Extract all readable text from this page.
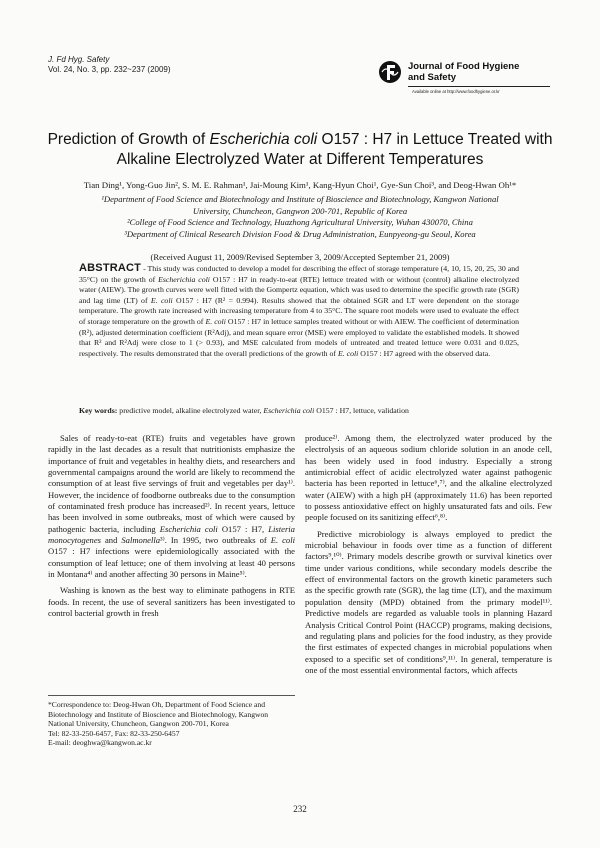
J. Fd Hyg. Safety
Vol. 24, No. 3, pp. 232~237 (2009)	Journal of Food Hygiene
and Safety
Available online at http://www.foodhygiene.or.kr
Prediction of Growth of Escherichia coli O157 : H7 in Lettuce Treated with
Alkaline Electrolyzed Water at Different Temperatures
Tian Ding¹, Yong-Guo Jin², S. M. E. Rahman¹, Jai-Moung Kim¹, Kang-Hyun Choi¹, Gye-Sun Choi³, and Deog-Hwan Oh¹*
¹Department of Food Science and Biotechnology and Institute of Bioscience and Biotechnology, Kangwon National
University, Chuncheon, Gangwon 200-701, Republic of Korea
²College of Food Science and Technology, Huazhong Agricultural University, Wuhan 430070, China
³Department of Clinical Research Division Food & Drug Administration, Eunpyeong-gu Seoul, Korea
(Received August 11, 2009/Revised September 3, 2009/Accepted September 21, 2009)
ABSTRACT - This study was conducted to develop a model for describing the effect of storage temperature (4, 10, 15, 20, 25, 30 and 35°C) on the growth of Escherichia coli O157 : H7 in ready-to-eat (RTE) lettuce treated with or without (control) alkaline electrolyzed water (AIEW). The growth curves were well fitted with the Gompertz equation, which was used to determine the specific growth rate (SGR) and lag time (LT) of E. coli O157 : H7 (R² = 0.994). Results showed that the obtained SGR and LT were dependent on the storage temperature. The growth rate increased with increasing temperature from 4 to 35°C. The square root models were used to evaluate the effect of storage temperature on the growth of E. coli O157 : H7 in lettuce samples treated without or with AIEW. The coefficient of determination (R²), adjusted determination coefficient (R²Adj), and mean square error (MSE) were employed to validate the established models. It showed that R² and R²Adj were close to 1 (> 0.93), and MSE calculated from models of untreated and treated lettuce were 0.031 and 0.025, respectively. The results demonstrated that the overall predictions of the growth of E. coli O157 : H7 agreed with the observed data.
Key words: predictive model, alkaline electrolyzed water, Escherichia coli O157 : H7, lettuce, validation

Sales of ready-to-eat (RTE) fruits and vegetables have grown rapidly in the last decades as a result that nutritionists emphasize the importance of fruit and vegetables in healthy diets, and researchers and governmental campaigns around the world are likely to recommend the consumption of at least five servings of fruit and vegetables per day¹⁾. However, the incidence of foodborne outbreaks due to the consumption of contaminated fresh produce has increased²⁾. In recent years, lettuce has been involved in some outbreaks, most of which were caused by pathogenic bacteria, including Escherichia coli O157 : H7, Listeria monocytogenes and Salmonella³⁾. In 1995, two outbreaks of E. coli O157 : H7 infections were epidemiologically associated with the consumption of leaf lettuce; one of them involving at least 40 persons in Montana⁴⁾ and another affecting 30 persons in Maine⁵⁾.

Washing is known as the best way to eliminate pathogens in RTE foods. In recent, the use of several sanitizers has been investigated to control bacterial growth in fresh

produce²⁾. Among them, the electrolyzed water produced by the electrolysis of an aqueous sodium chloride solution in an anode cell, has been widely used in food industry. Especially a strong antimicrobial effect of acidic electrolyzed water against pathogenic bacteria has been reported in lettuce⁶,⁷⁾, and the alkaline electrolyzed water (AIEW) with a high pH (approximately 11.6) has been reported to possess antioxidative effect on highly unsaturated fats and oils. Few people focused on its sanitizing effect⁶,⁸⁾.

Predictive microbiology is always employed to predict the microbial behaviour in foods over time as a function of different factors⁹,¹⁰⁾. Primary models describe growth or survival kinetics over time under various conditions, while secondary models describe the effect of environmental factors on the growth kinetic parameters such as the specific growth rate (SGR), the lag time (LT), and the maximum population density (MPD) obtained from the primary model¹¹⁾. Predictive models are regarded as valuable tools in planning Hazard Analysis Critical Control Point (HACCP) programs, making decisions, and regulating plans and policies for the food industry, as they provide the first estimates of expected changes in microbial populations when exposed to a specific set of conditions⁹,¹¹⁾. In general, temperature is one of the most essential environmental factors, which affects

*Correspondence to: Deog-Hwan Oh, Department of Food Science and Biotechnology and Institute of Bioscience and Biotechnology, Kangwon National University, Chuncheon, Gangwon 200-701, Korea
Tel: 82-33-250-6457, Fax: 82-33-250-6457
E-mail: deoghwa@kangwon.ac.kr
232
